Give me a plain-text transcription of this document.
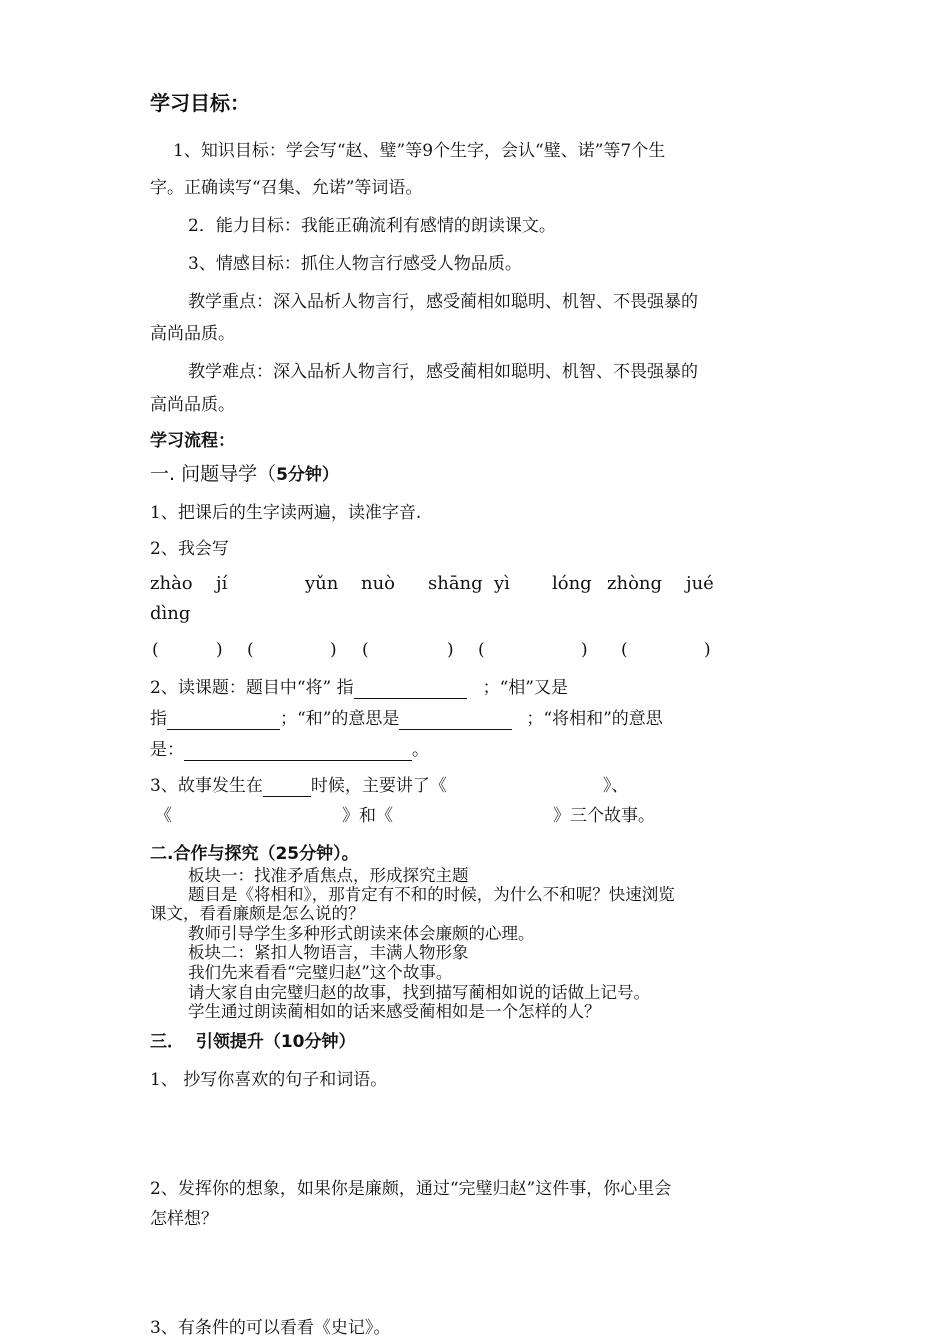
学习目标：
1、知识目标：学会写“赵、璧”等9个生字，会认“璧、诺”等7个生
字。正确读写“召集、允诺”等词语。
2．能力目标：我能正确流利有感情的朗读课文。
3、情感目标：抓住人物言行感受人物品质。
教学重点：深入品析人物言行，感受蔺相如聪明、机智、不畏强暴的
高尚品质。
教学难点：深入品析人物言行，感受蔺相如聪明、机智、不畏强暴的
高尚品质。
学习流程：
一. 问题导学（5分钟）
1、把课后的生字读两遍，读准字音.
2、我会写
zhào jí	yǔn nuò shāng yì lóng zhòng jué
dìng
(	) (	) (	) (	) (	)
2、读课题：题目中“将” 指	；“相”又是
指	；“和”的意思是	；“将相和”的意思
是：	。
3、故事发生在	时候，主要讲了《	》、
《	》和《	》三个故事。
二.合作与探究（25分钟）。
板块一：找准矛盾焦点，形成探究主题
题目是《将相和》，那肯定有不和的时候，为什么不和呢？快速浏览
课文，看看廉颇是怎么说的？
教师引导学生多种形式朗读来体会廉颇的心理。
板块二：紧扣人物语言，丰满人物形象
我们先来看看“完璧归赵”这个故事。
请大家自由完璧归赵的故事，找到描写蔺相如说的话做上记号。
学生通过朗读蔺相如的话来感受蔺相如是一个怎样的人？
三．  引领提升（10分钟）
1、 抄写你喜欢的句子和词语。
2、发挥你的想象，如果你是廉颇，通过“完璧归赵”这件事，你心里会
怎样想？
3、有条件的可以看看《史记》。
